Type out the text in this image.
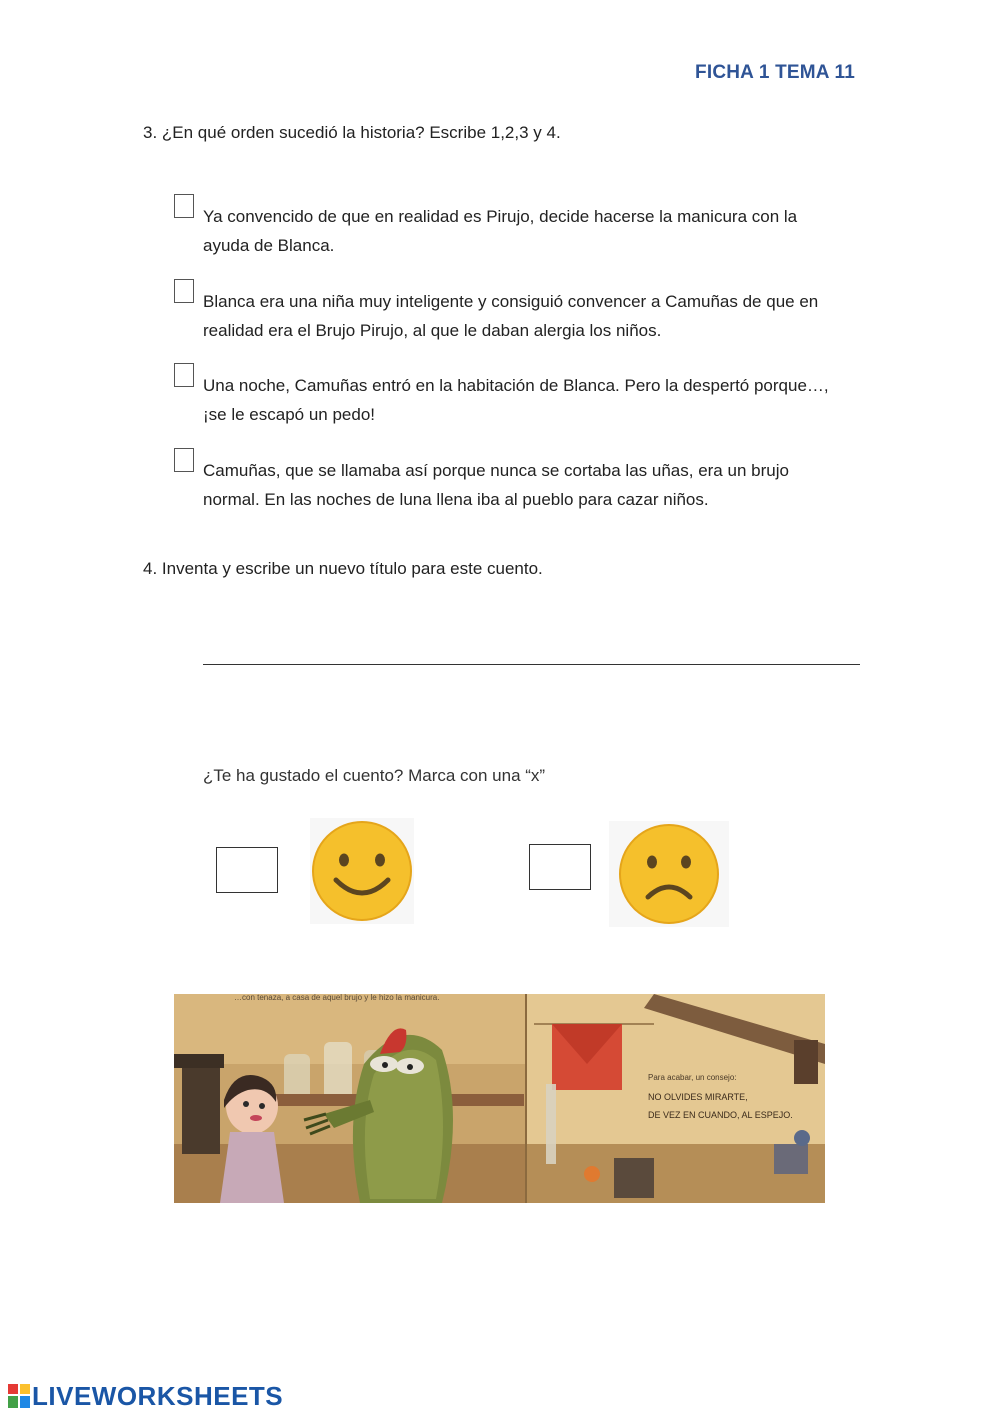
FICHA 1 TEMA 11
3. ¿En qué orden sucedió la historia? Escribe 1,2,3 y 4.
Ya convencido de que en realidad es Pirujo, decide hacerse la manicura con la ayuda de Blanca.
Blanca era una niña muy inteligente y consiguió convencer a Camuñas de que en realidad era el Brujo Pirujo, al que le daban alergia los niños.
Una noche, Camuñas entró en la habitación de Blanca. Pero la despertó porque…, ¡se le escapó un pedo!
Camuñas, que se llamaba así porque nunca se cortaba las uñas, era un brujo normal. En las noches de luna llena iba al pueblo para cazar niños.
4. Inventa y escribe un nuevo título para este cuento.
¿Te ha gustado el cuento? Marca con una “x”
…con tenaza, a casa de aquel brujo y le hizo la manicura.
Para acabar, un consejo:
NO OLVIDES MIRARTE,
DE VEZ EN CUANDO, AL ESPEJO.
LIVEWORKSHEETS
